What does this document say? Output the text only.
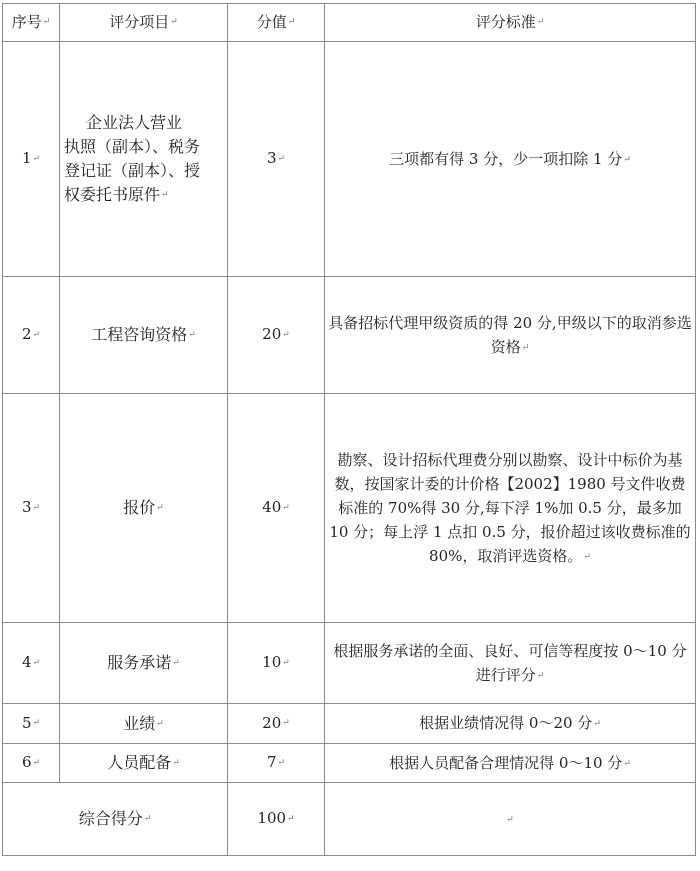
序号 ↵	评分项目 ↵	分值 ↵	评分标准 ↵
1 ↵	企业法人营业
执照（副本）、税务
登记证（副本）、授
权委托书原件 ↵	3 ↵	三项都有得 3 分，少一项扣除 1 分 ↵
2 ↵	工程咨询资格 ↵	20 ↵	具备招标代理甲级资质的得 20 分,甲级以下的取消参选资格 ↵
3 ↵	报价 ↵	40 ↵	勘察、设计招标代理费分别以勘察、设计中标价为基数，按国家计委的计价格【2002】1980 号文件收费标准的 70%得 30 分,每下浮 1%加 0.5 分，最多加 10 分；每上浮 1 点扣 0.5 分，报价超过该收费标准的 80%，取消评选资格。 ↵
4 ↵	服务承诺 ↵	10 ↵	根据服务承诺的全面、良好、可信等程度按 0～10 分进行评分 ↵
5 ↵	业绩 ↵	20 ↵	根据业绩情况得 0～20 分 ↵
6 ↵	人员配备 ↵	7 ↵	根据人员配备合理情况得 0～10 分 ↵
综合得分 ↵		100 ↵	↵
